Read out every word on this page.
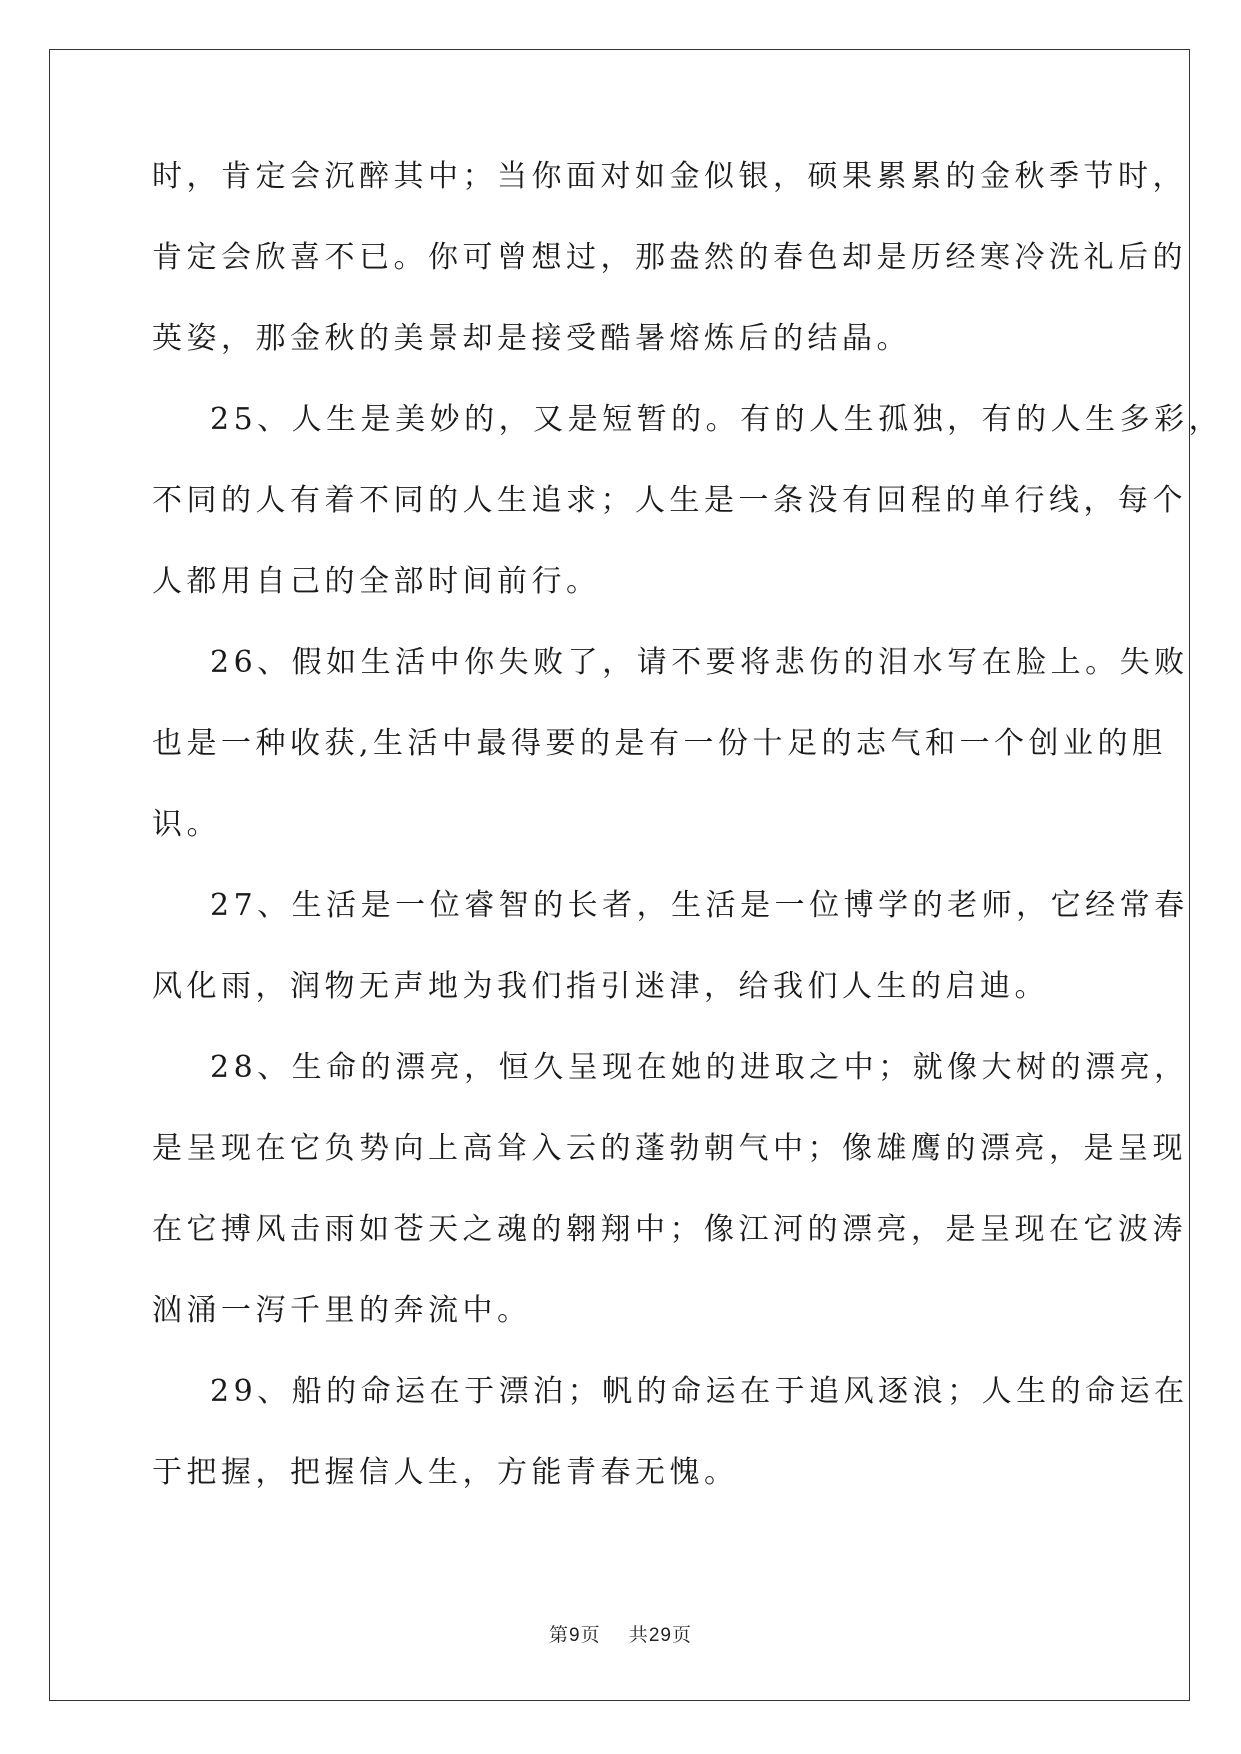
时，肯定会沉醉其中；当你面对如金似银，硕果累累的金秋季节时，
肯定会欣喜不已。你可曾想过，那盎然的春色却是历经寒冷洗礼后的
英姿，那金秋的美景却是接受酷暑熔炼后的结晶。
25、人生是美妙的，又是短暂的。有的人生孤独，有的人生多彩，
不同的人有着不同的人生追求；人生是一条没有回程的单行线，每个
人都用自己的全部时间前行。
26、假如生活中你失败了，请不要将悲伤的泪水写在脸上。失败
也是一种收获,生活中最得要的是有一份十足的志气和一个创业的胆
识。
27、生活是一位睿智的长者，生活是一位博学的老师，它经常春
风化雨，润物无声地为我们指引迷津，给我们人生的启迪。
28、生命的漂亮，恒久呈现在她的进取之中；就像大树的漂亮，
是呈现在它负势向上高耸入云的蓬勃朝气中；像雄鹰的漂亮，是呈现
在它搏风击雨如苍天之魂的翱翔中；像江河的漂亮，是呈现在它波涛
汹涌一泻千里的奔流中。
29、船的命运在于漂泊；帆的命运在于追风逐浪；人生的命运在
于把握，把握信人生，方能青春无愧。
第9页 共29页
